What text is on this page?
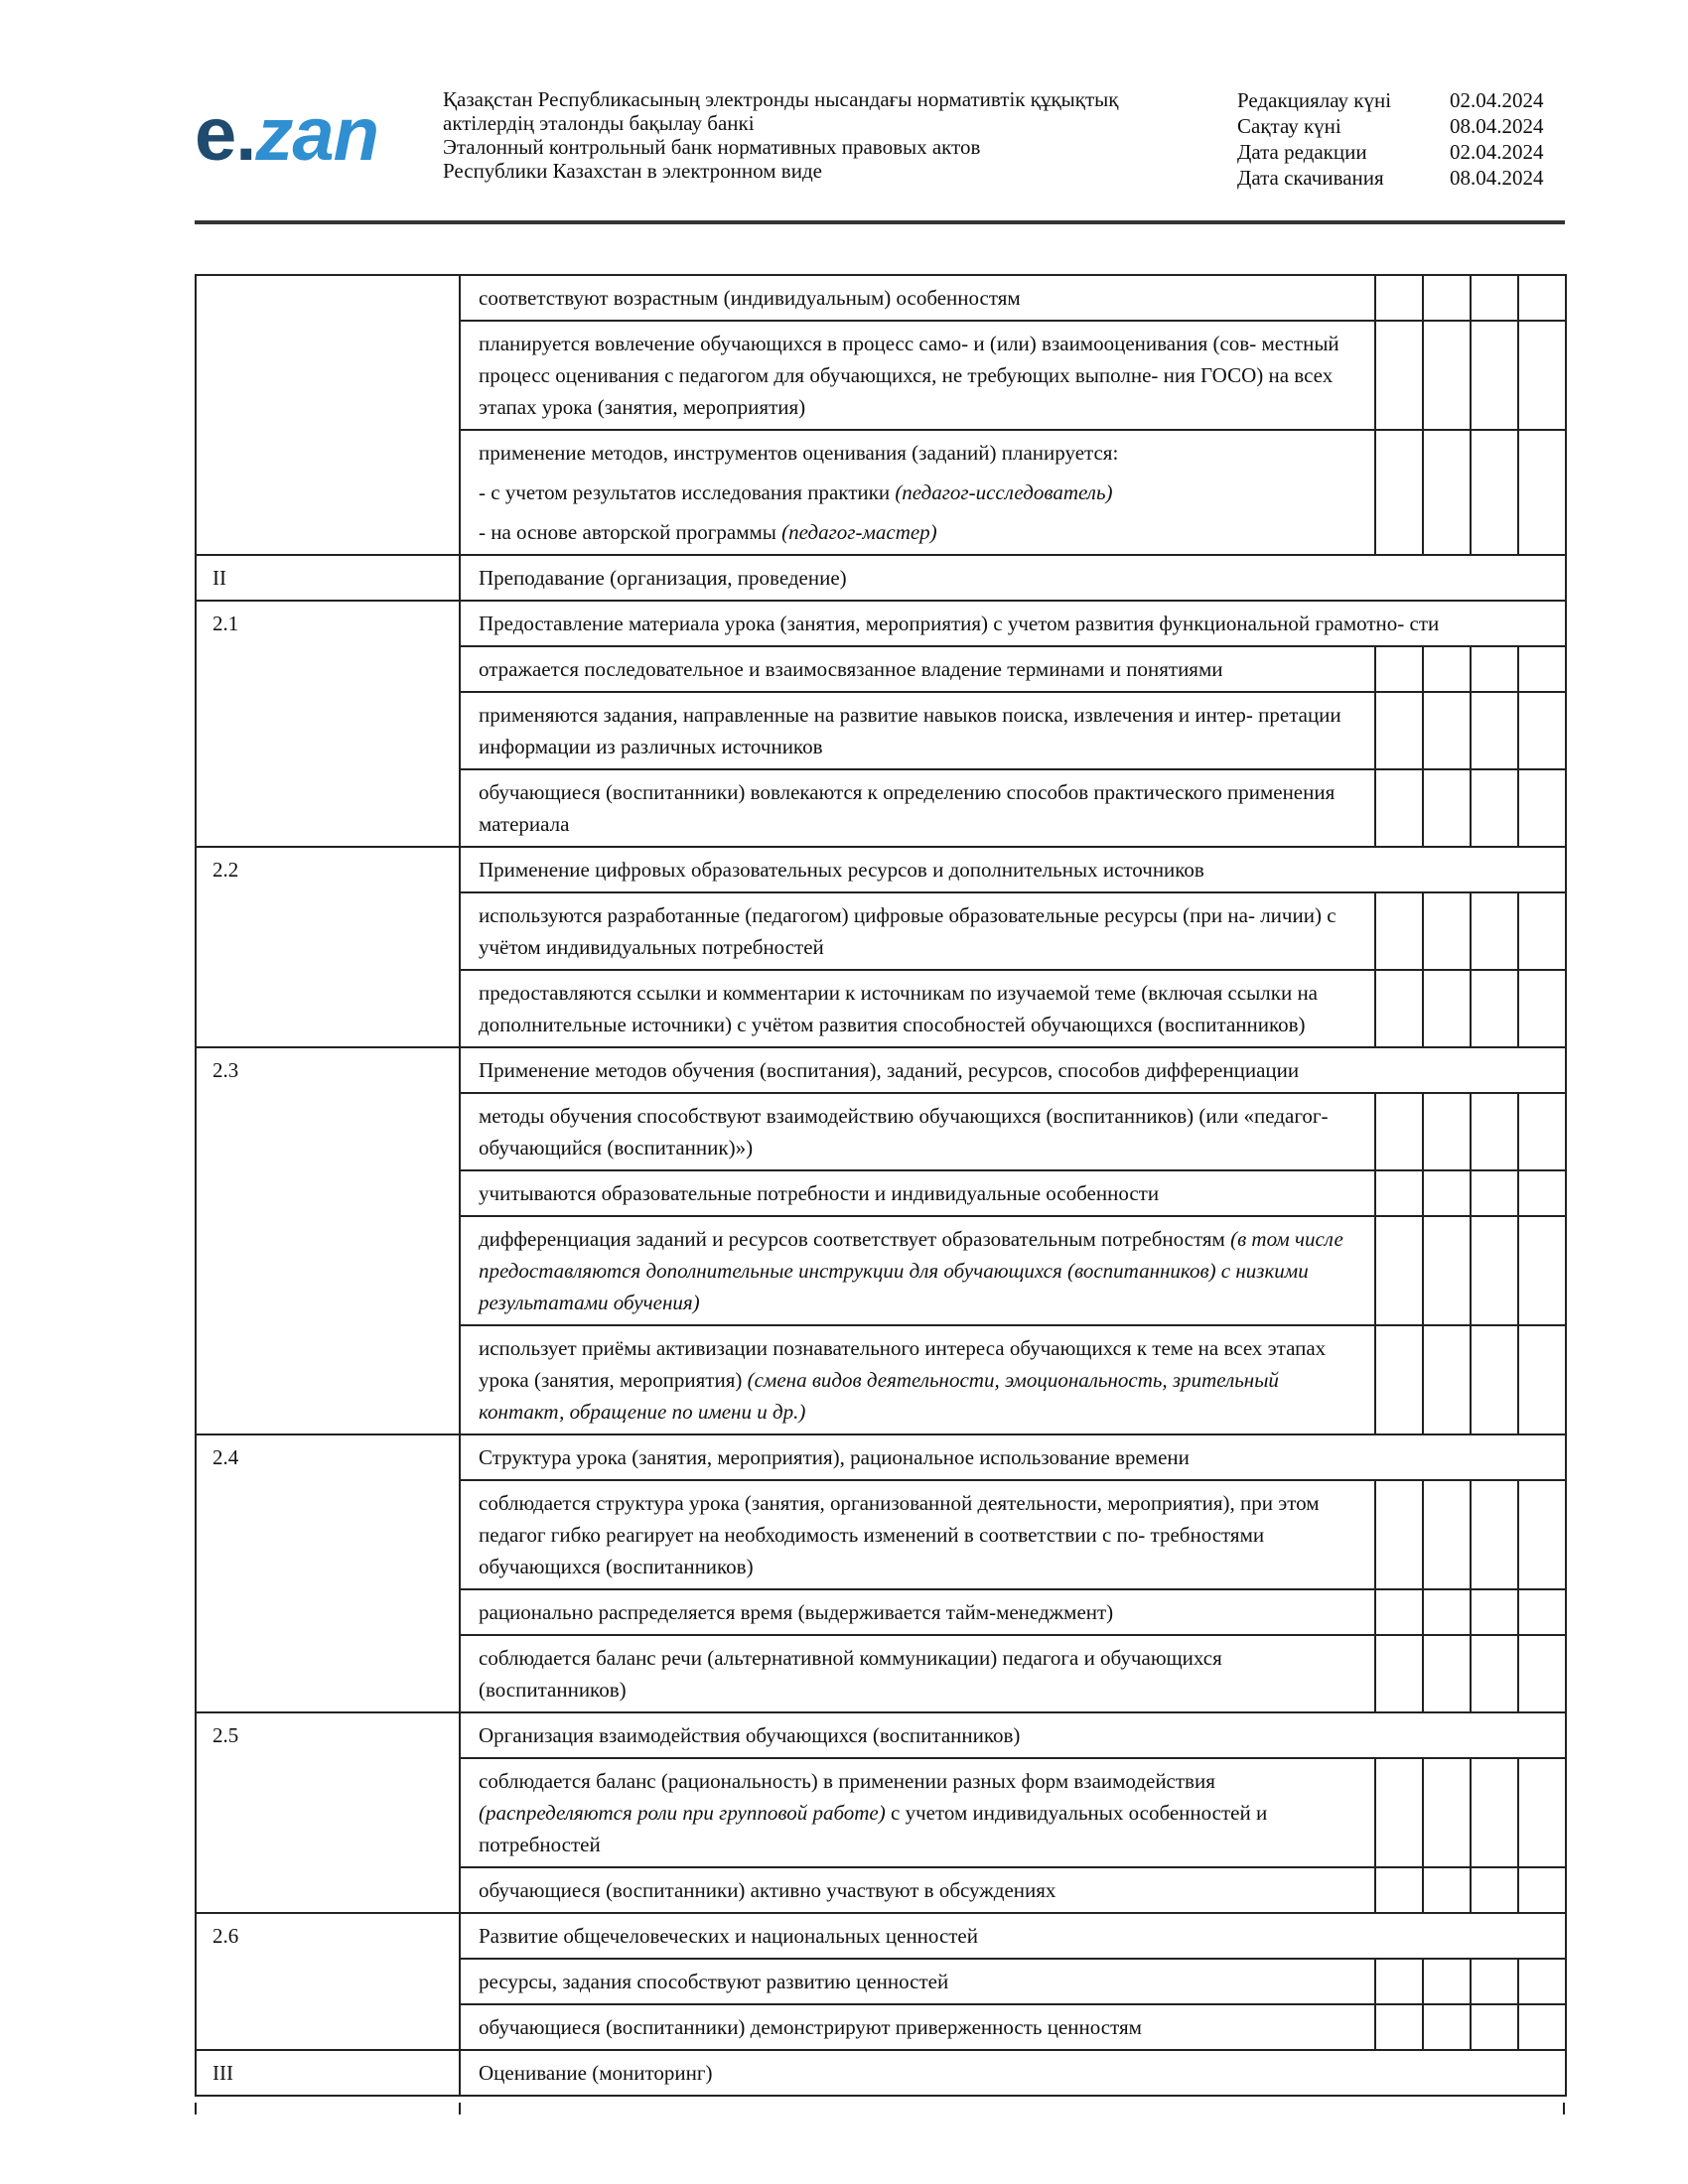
e.zan	Қазақстан Республикасының электронды нысандағы нормативтік құқықтық
актілердің эталонды бақылау банкі
Эталонный контрольный банк нормативных правовых актов
Республики Казахстан в электронном виде
Редакциялау күні	02.04.2024
Сақтау күні	08.04.2024
Дата редакции	02.04.2024
Дата скачивания	08.04.2024

	соответствуют возрастным (индивидуальным) особенностям				

	планируется вовлечение обучающихся в процесс само- и (или) взаимооценивания (сов- местный процесс оценивания с педагогом для обучающихся, не требующих выполне- ния ГОСО) на всех этапах урока (занятия, мероприятия)				

	применение методов, инструментов оценивания (заданий) планируется:
- с учетом результатов исследования практики (педагог-исследователь)
- на основе авторской программы (педагог-мастер)				

II	Преподавание (организация, проведение)				
2.1	Предоставление материала урока (занятия, мероприятия) с учетом развития функциональной грамотно- сти				

	отражается последовательное и взаимосвязанное владение терминами и понятиями				

	применяются задания, направленные на развитие навыков поиска, извлечения и интер- претации информации из различных источников				

	обучающиеся (воспитанники) вовлекаются к определению способов практического применения материала				

2.2	Применение цифровых образовательных ресурсов и дополнительных источников				

	используются разработанные (педагогом) цифровые образовательные ресурсы (при на- личии) с учётом индивидуальных потребностей				

	предоставляются ссылки и комментарии к источникам по изучаемой теме (включая ссылки на дополнительные источники) с учётом развития способностей обучающихся (воспитанников)				

2.3	Применение методов обучения (воспитания), заданий, ресурсов, способов дифференциации				

	методы обучения способствуют взаимодействию обучающихся (воспитанников) (или «педагог-обучающийся (воспитанник)»)				

	учитываются образовательные потребности и индивидуальные особенности				

	дифференциация заданий и ресурсов соответствует образовательным потребностям (в том числе предоставляются дополнительные инструкции для обучающихся (воспитанников) с низкими результатами обучения)				

	использует приёмы активизации познавательного интереса обучающихся к теме на всех этапах урока (занятия, мероприятия) (смена видов деятельности, эмоциональность, зрительный контакт, обращение по имени и др.)				

2.4	Структура урока (занятия, мероприятия), рациональное использование времени				

	соблюдается структура урока (занятия, организованной деятельности, мероприятия), при этом педагог гибко реагирует на необходимость изменений в соответствии с по- требностями обучающихся (воспитанников)				

	рационально распределяется время (выдерживается тайм-менеджмент)				

	соблюдается баланс речи (альтернативной коммуникации) педагога и обучающихся (воспитанников)				

2.5	Организация взаимодействия обучающихся (воспитанников)				

	соблюдается баланс (рациональность) в применении разных форм взаимодействия (распределяются роли при групповой работе) с учетом индивидуальных особенностей и потребностей				

	обучающиеся (воспитанники) активно участвуют в обсуждениях				

2.6	Развитие общечеловеческих и национальных ценностей				

	ресурсы, задания способствуют развитию ценностей				

	обучающиеся (воспитанники) демонстрируют приверженность ценностям				

III	Оценивание (мониторинг)				
